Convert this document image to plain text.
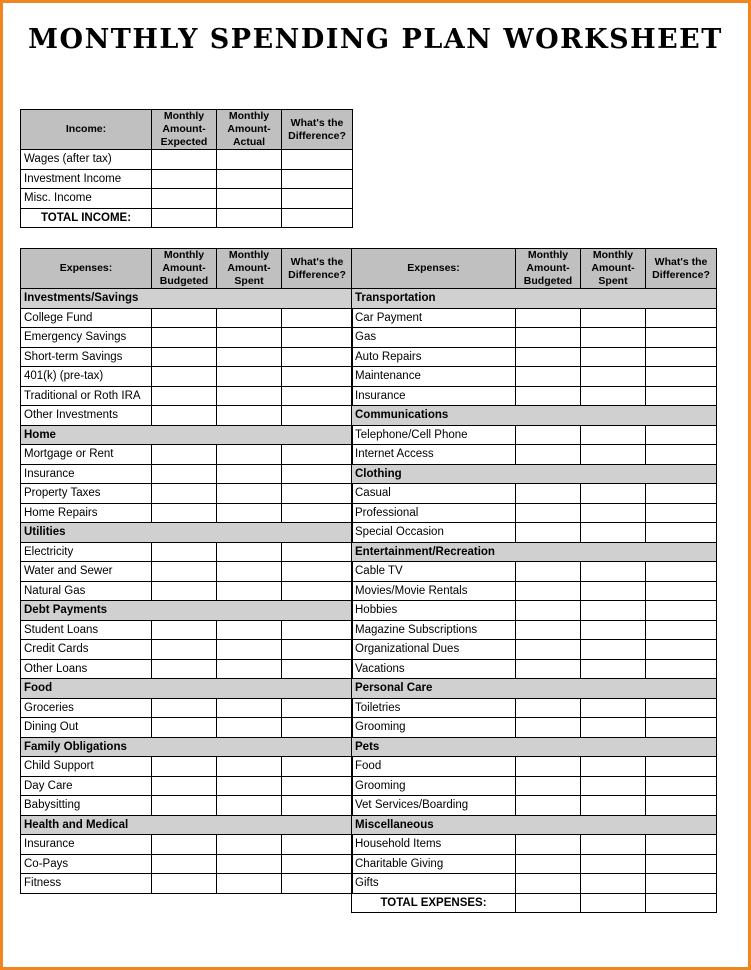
MONTHLY SPENDING PLAN WORKSHEET
Income:	Monthly Amount-Expected	Monthly Amount-Actual	What's the Difference?
Wages (after tax)			
Investment Income			
Misc. Income			
TOTAL INCOME:			
Expenses:	Monthly Amount-Budgeted	Monthly Amount-Spent	What's the Difference?
Investments/Savings			
College Fund			
Emergency Savings			
Short-term Savings			
401(k) (pre-tax)			
Traditional or Roth IRA			
Other Investments			
Home			
Mortgage or Rent			
Insurance			
Property Taxes			
Home Repairs			
Utilities			
Electricity			
Water and Sewer			
Natural Gas			
Debt Payments			
Student Loans			
Credit Cards			
Other Loans			
Food			
Groceries			
Dining Out			
Family Obligations			
Child Support			
Day Care			
Babysitting			
Health and Medical			
Insurance			
Co-Pays			
Fitness			
Expenses:	Monthly Amount-Budgeted	Monthly Amount-Spent	What's the Difference?
Transportation			
Car Payment			
Gas			
Auto Repairs			
Maintenance			
Insurance			
Communications			
Telephone/Cell Phone			
Internet Access			
Clothing			
Casual			
Professional			
Special Occasion			
Entertainment/Recreation			
Cable TV			
Movies/Movie Rentals			
Hobbies			
Magazine Subscriptions			
Organizational Dues			
Vacations			
Personal Care			
Toiletries			
Grooming			
Pets			
Food			
Grooming			
Vet Services/Boarding			
Miscellaneous			
Household Items			
Charitable Giving			
Gifts			
TOTAL EXPENSES:			
